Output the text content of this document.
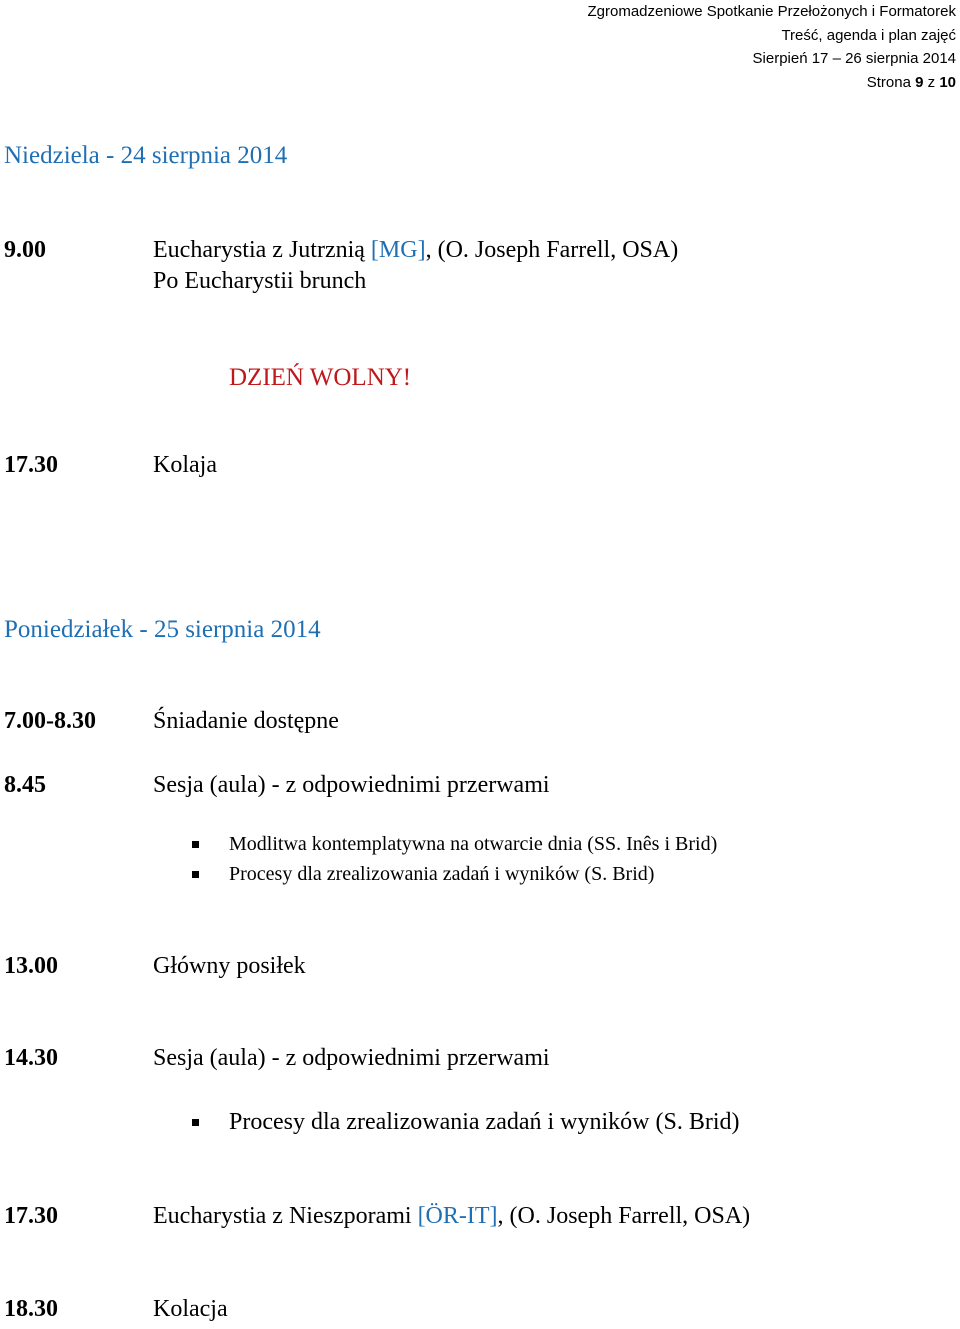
Zgromadzeniowe Spotkanie Przełożonych i Formatorek
Treść, agenda i plan zajęć
Sierpień 17 – 26 sierpnia 2014
Strona 9 z 10
Niedziela - 24 sierpnia 2014
9.00	Eucharystia z Jutrznią [MG], (O. Joseph Farrell, OSA)
Po Eucharystii brunch
DZIEŃ WOLNY!
17.30	Kolaja
Poniedziałek - 25 sierpnia 2014
7.00-8.30 Śniadanie dostępne
8.45	Sesja (aula) - z odpowiednimi przerwami
Modlitwa kontemplatywna na otwarcie dnia (SS. Inês i Brid)
Procesy dla zrealizowania zadań i wyników (S. Brid)
13.00	Główny posiłek
14.30	Sesja (aula) - z odpowiednimi przerwami
Procesy dla zrealizowania zadań i wyników (S. Brid)
17.30	Eucharystia z Nieszporami [ÖR-IT], (O. Joseph Farrell, OSA)
18.30	Kolacja
